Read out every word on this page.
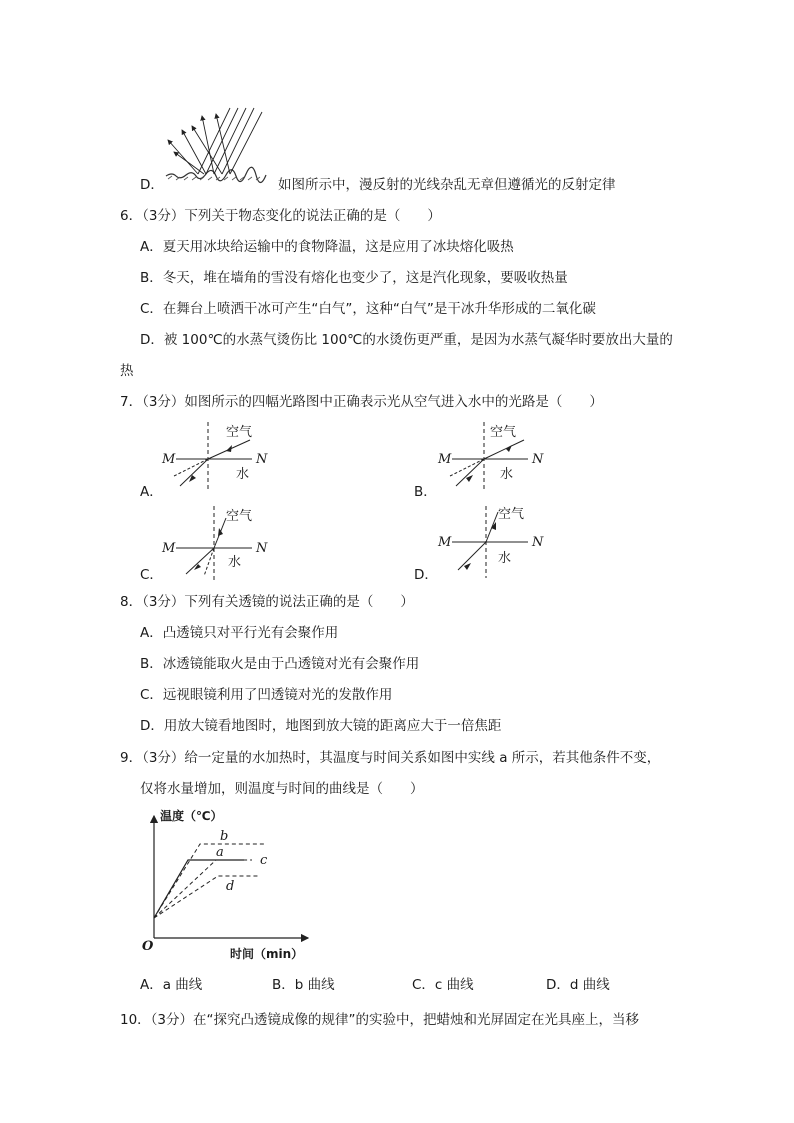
D．	如图所示中，漫反射的光线杂乱无章但遵循光的反射定律
6．（3分）下列关于物态变化的说法正确的是（　　）
A．夏天用冰块给运输中的食物降温，这是应用了冰块熔化吸热
B．冬天，堆在墙角的雪没有熔化也变少了，这是汽化现象，要吸收热量
C．在舞台上喷洒干冰可产生“白气”，这种“白气”是干冰升华形成的二氧化碳
D．被 100℃的水蒸气烫伤比 100℃的水烫伤更严重，是因为水蒸气凝华时要放出大量的
热
7．（3分）如图所示的四幅光路图中正确表示光从空气进入水中的光路是（　　）
空气
M	N
水
A．
空气
M	N
水
B．
空气
M	N
水
C．
空气
M	N
水
D．
8．（3分）下列有关透镜的说法正确的是（　　）
A．凸透镜只对平行光有会聚作用
B．冰透镜能取火是由于凸透镜对光有会聚作用
C．远视眼镜利用了凹透镜对光的发散作用
D．用放大镜看地图时，地图到放大镜的距离应大于一倍焦距
9．（3分）给一定量的水加热时，其温度与时间关系如图中实线 a 所示，若其他条件不变，
仅将水量增加，则温度与时间的曲线是（　　）
温度（℃）
O	时间（min）
b
a
c
d
A．a 曲线	B．b 曲线	C．c 曲线	D．d 曲线
10．（3分）在“探究凸透镜成像的规律”的实验中，把蜡烛和光屏固定在光具座上，当移
